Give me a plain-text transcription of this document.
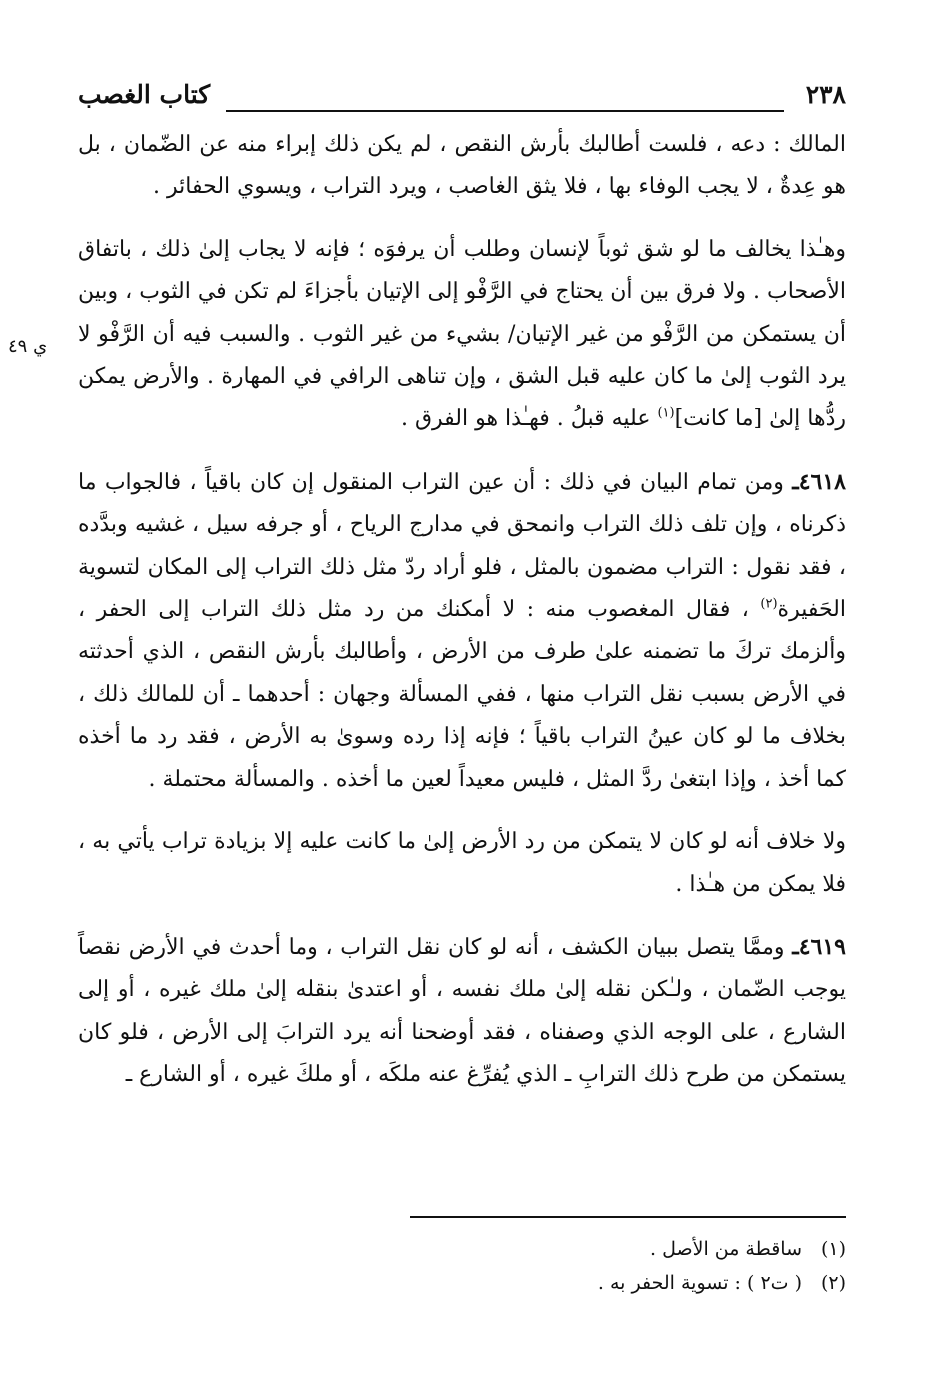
٢٣٨
كتاب الغصب
ي ٤٩

المالك : دعه ، فلست أطالبك بأرش النقص ، لم يكن ذلك إبراء منه عن الضّمان ، بل هو عِدةٌ ، لا يجب الوفاء بها ، فلا يثق الغاصب ، ويرد التراب ، ويسوي الحفائر .

وهـٰذا يخالف ما لو شق ثوباً لإنسان وطلب أن يرفوَه ؛ فإنه لا يجاب إلىٰ ذلك ، باتفاق الأصحاب . ولا فرق بين أن يحتاج في الرَّفْو إلى الإتيان بأجزاءَ لم تكن في الثوب ، وبين أن يستمكن من الرَّفْو من غير الإتيان/ بشيء من غير الثوب . والسبب فيه أن الرَّفْو لا يرد الثوب إلىٰ ما كان عليه قبل الشق ، وإن تناهى الرافي في المهارة . والأرض يمكن ردُّها إلىٰ [ما كانت]$^{(١)}$ عليه قبلُ . فهـٰذا هو الفرق .

٤٦١٨ـ ومن تمام البيان في ذلك : أن عين التراب المنقول إن كان باقياً ، فالجواب ما ذكرناه ، وإن تلف ذلك التراب وانمحق في مدارج الرياح ، أو جرفه سيل ، غشيه وبدَّده ، فقد نقول : التراب مضمون بالمثل ، فلو أراد ردّ مثل ذلك التراب إلى المكان لتسوية الحَفيرة$^{(٢)}$ ، فقال المغصوب منه : لا أمكنك من رد مثل ذلك التراب إلى الحفر ، وألزمك تركَ ما تضمنه علىٰ طرف من الأرض ، وأطالبك بأرش النقص ، الذي أحدثته في الأرض بسبب نقل التراب منها ، ففي المسألة وجهان : أحدهما ـ أن للمالك ذلك ، بخلاف ما لو كان عينُ التراب باقياً ؛ فإنه إذا رده وسوىٰ به الأرض ، فقد رد ما أخذه كما أخذ ، وإذا ابتغىٰ ردَّ المثل ، فليس معيداً لعين ما أخذه . والمسألة محتملة .

ولا خلاف أنه لو كان لا يتمكن من رد الأرض إلىٰ ما كانت عليه إلا بزيادة تراب يأتي به ، فلا يمكن من هـٰذا .

٤٦١٩ـ وممَّا يتصل ببيان الكشف ، أنه لو كان نقل التراب ، وما أحدث في الأرض نقصاً يوجب الضّمان ، ولـٰكن نقله إلىٰ ملك نفسه ، أو اعتدىٰ بنقله إلىٰ ملك غيره ، أو إلى الشارع ، على الوجه الذي وصفناه ، فقد أوضحنا أنه يرد الترابَ إلى الأرض ، فلو كان يستمكن من طرح ذلك الترابِ ـ الذي يُفرِّغ عنه ملكَه ، أو ملكَ غيره ، أو الشارع ـ

(١)ساقطة من الأصل .

(٢)( ت٢ ) : تسوية الحفر به .
